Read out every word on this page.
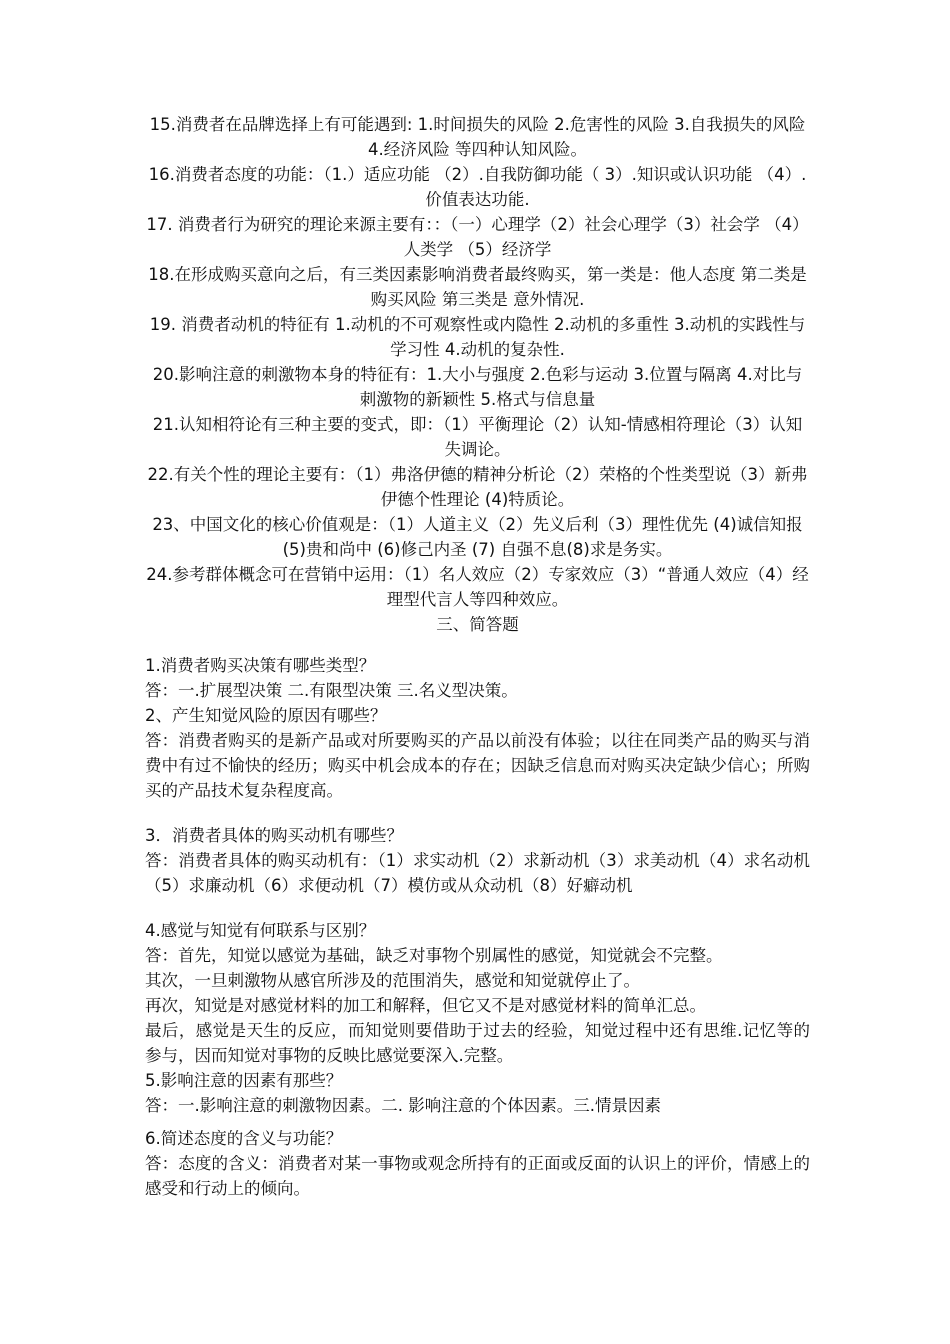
15.消费者在品牌选择上有可能遇到: 1.时间损失的风险 2.危害性的风险 3.自我损失的风险 4.经济风险 等四种认知风险。

16.消费者态度的功能：（1.）适应功能 （2）.自我防御功能（ 3）.知识或认识功能 （4）.价值表达功能.

17. 消费者行为研究的理论来源主要有：：（一）心理学（2）社会心理学（3）社会学 （4）人类学 （5）经济学

18.在形成购买意向之后，有三类因素影响消费者最终购买，第一类是：他人态度 第二类是 购买风险 第三类是 意外情况.

19. 消费者动机的特征有 1.动机的不可观察性或内隐性 2.动机的多重性 3.动机的实践性与学习性 4.动机的复杂性.

20.影响注意的刺激物本身的特征有：1.大小与强度 2.色彩与运动 3.位置与隔离 4.对比与刺激物的新颖性 5.格式与信息量

21.认知相符论有三种主要的变式，即：（1）平衡理论（2）认知-情感相符理论（3）认知失调论。

22.有关个性的理论主要有：（1）弗洛伊德的精神分析论（2）荣格的个性类型说（3）新弗伊德个性理论 (4)特质论。

23、中国文化的核心价值观是：（1）人道主义（2）先义后利（3）理性优先 (4)诚信知报 (5)贵和尚中 (6)修己内圣 (7) 自强不息(8)求是务实。

24.参考群体概念可在营销中运用：（1）名人效应（2）专家效应（3）“普通人效应（4）经理型代言人等四种效应。

三、简答题

1.消费者购买决策有哪些类型？

答：一.扩展型决策 二.有限型决策 三.名义型决策。

2、产生知觉风险的原因有哪些？

答：消费者购买的是新产品或对所要购买的产品以前没有体验；以往在同类产品的购买与消费中有过不愉快的经历；购买中机会成本的存在；因缺乏信息而对购买决定缺少信心；所购买的产品技术复杂程度高。

3．消费者具体的购买动机有哪些？

答：消费者具体的购买动机有：（1）求实动机（2）求新动机（3）求美动机（4）求名动机（5）求廉动机（6）求便动机（7）模仿或从众动机（8）好癖动机

4.感觉与知觉有何联系与区别？

答：首先，知觉以感觉为基础，缺乏对事物个别属性的感觉，知觉就会不完整。

其次，一旦刺激物从感官所涉及的范围消失，感觉和知觉就停止了。

再次，知觉是对感觉材料的加工和解释，但它又不是对感觉材料的简单汇总。

最后，感觉是天生的反应，而知觉则要借助于过去的经验，知觉过程中还有思维.记忆等的参与，因而知觉对事物的反映比感觉要深入.完整。

5.影响注意的因素有那些？

答：一.影响注意的刺激物因素。二. 影响注意的个体因素。三.情景因素

6.简述态度的含义与功能？

答：态度的含义：消费者对某一事物或观念所持有的正面或反面的认识上的评价，情感上的感受和行动上的倾向。
